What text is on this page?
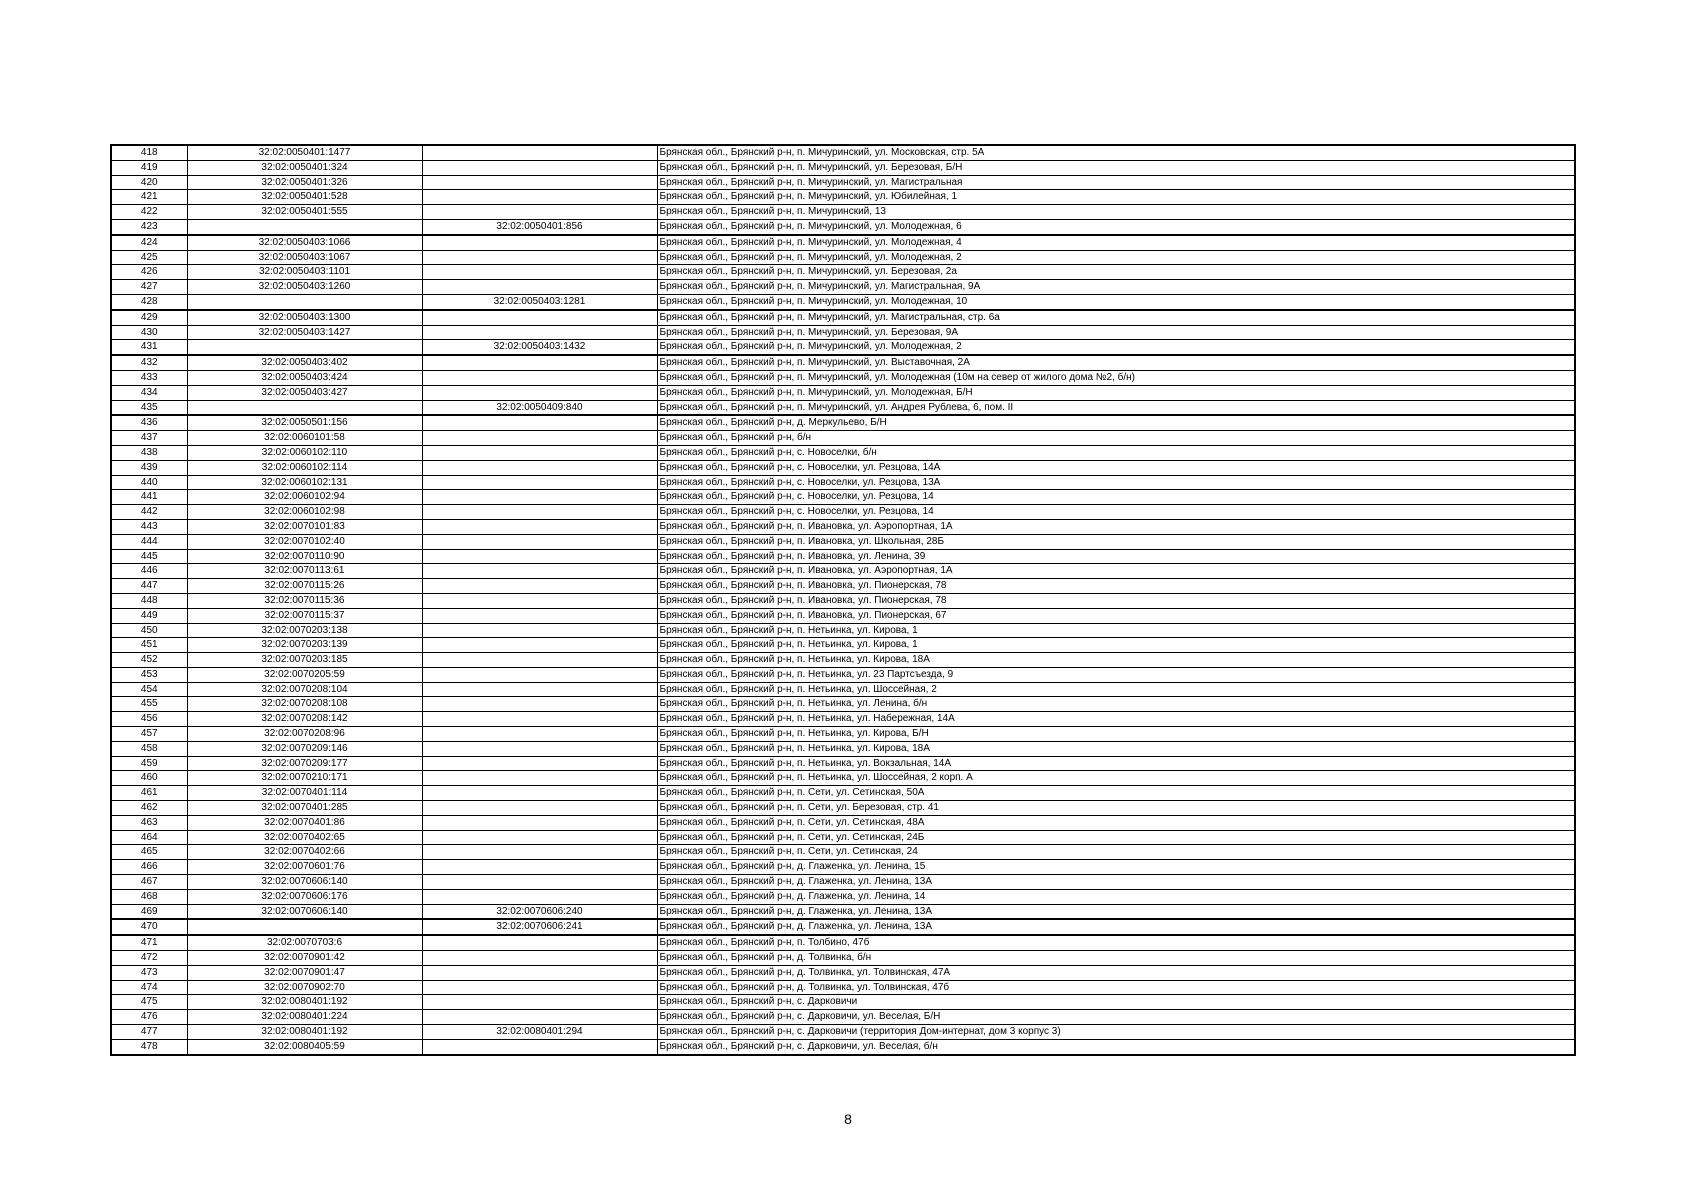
418	32:02:0050401:1477		Брянская обл., Брянский р-н, п. Мичуринский, ул. Московская, стр. 5А
419	32:02:0050401:324		Брянская обл., Брянский р-н, п. Мичуринский, ул. Березовая, Б/Н
420	32:02:0050401:326		Брянская обл., Брянский р-н, п. Мичуринский, ул. Магистральная
421	32:02:0050401:528		Брянская обл., Брянский р-н, п. Мичуринский, ул. Юбилейная, 1
422	32:02:0050401:555		Брянская обл., Брянский р-н, п. Мичуринский, 13
423		32:02:0050401:856	Брянская обл., Брянский р-н, п. Мичуринский, ул. Молодежная, 6
424	32:02:0050403:1066		Брянская обл., Брянский р-н, п. Мичуринский, ул. Молодежная, 4
425	32:02:0050403:1067		Брянская обл., Брянский р-н, п. Мичуринский, ул. Молодежная, 2
426	32:02:0050403:1101		Брянская обл., Брянский р-н, п. Мичуринский, ул. Березовая, 2а
427	32:02:0050403:1260		Брянская обл., Брянский р-н, п. Мичуринский, ул. Магистральная, 9А
428		32:02:0050403:1281	Брянская обл., Брянский р-н, п. Мичуринский, ул. Молодежная, 10
429	32:02:0050403:1300		Брянская обл., Брянский р-н, п. Мичуринский, ул. Магистральная, стр. 6а
430	32:02:0050403:1427		Брянская обл., Брянский р-н, п. Мичуринский, ул. Березовая, 9А
431		32:02:0050403:1432	Брянская обл., Брянский р-н, п. Мичуринский, ул. Молодежная, 2
432	32:02:0050403:402		Брянская обл., Брянский р-н, п. Мичуринский, ул. Выставочная, 2А
433	32:02:0050403:424		Брянская обл., Брянский р-н, п. Мичуринский, ул. Молодежная (10м на север от жилого дома №2, б/н)
434	32:02:0050403:427		Брянская обл., Брянский р-н, п. Мичуринский, ул. Молодежная, Б/Н
435		32:02:0050409:840	Брянская обл., Брянский р-н, п. Мичуринский, ул. Андрея Рублева, 6, пом. II
436	32:02:0050501:156		Брянская обл., Брянский р-н, д. Меркульево, Б/Н
437	32:02:0060101:58		Брянская обл., Брянский р-н, б/н
438	32:02:0060102:110		Брянская обл., Брянский р-н, с. Новоселки, б/н
439	32:02:0060102:114		Брянская обл., Брянский р-н, с. Новоселки, ул. Резцова, 14А
440	32:02:0060102:131		Брянская обл., Брянский р-н, с. Новоселки, ул. Резцова, 13А
441	32:02:0060102:94		Брянская обл., Брянский р-н, с. Новоселки, ул. Резцова, 14
442	32:02:0060102:98		Брянская обл., Брянский р-н, с. Новоселки, ул. Резцова, 14
443	32:02:0070101:83		Брянская обл., Брянский р-н, п. Ивановка, ул. Аэропортная, 1А
444	32:02:0070102:40		Брянская обл., Брянский р-н, п. Ивановка, ул. Школьная, 28Б
445	32:02:0070110:90		Брянская обл., Брянский р-н, п. Ивановка, ул. Ленина, 39
446	32:02:0070113:61		Брянская обл., Брянский р-н, п. Ивановка, ул. Аэропортная, 1А
447	32:02:0070115:26		Брянская обл., Брянский р-н, п. Ивановка, ул. Пионерская, 78
448	32:02:0070115:36		Брянская обл., Брянский р-н, п. Ивановка, ул. Пионерская, 78
449	32:02:0070115:37		Брянская обл., Брянский р-н, п. Ивановка, ул. Пионерская, 67
450	32:02:0070203:138		Брянская обл., Брянский р-н, п. Нетьинка, ул. Кирова, 1
451	32:02:0070203:139		Брянская обл., Брянский р-н, п. Нетьинка, ул. Кирова, 1
452	32:02:0070203:185		Брянская обл., Брянский р-н, п. Нетьинка, ул. Кирова, 18А
453	32:02:0070205:59		Брянская обл., Брянский р-н, п. Нетьинка, ул. 23 Партсъезда, 9
454	32:02:0070208:104		Брянская обл., Брянский р-н, п. Нетьинка, ул. Шоссейная, 2
455	32:02:0070208:108		Брянская обл., Брянский р-н, п. Нетьинка, ул. Ленина, б/н
456	32:02:0070208:142		Брянская обл., Брянский р-н, п. Нетьинка, ул. Набережная, 14А
457	32:02:0070208:96		Брянская обл., Брянский р-н, п. Нетьинка, ул. Кирова, Б/Н
458	32:02:0070209:146		Брянская обл., Брянский р-н, п. Нетьинка, ул. Кирова, 18А
459	32:02:0070209:177		Брянская обл., Брянский р-н, п. Нетьинка, ул. Вокзальная, 14А
460	32:02:0070210:171		Брянская обл., Брянский р-н, п. Нетьинка, ул. Шоссейная, 2 корп. А
461	32:02:0070401:114		Брянская обл., Брянский р-н, п. Сети, ул. Сетинская, 50А
462	32:02:0070401:285		Брянская обл., Брянский р-н, п. Сети, ул. Березовая, стр. 41
463	32:02:0070401:86		Брянская обл., Брянский р-н, п. Сети, ул. Сетинская, 48А
464	32:02:0070402:65		Брянская обл., Брянский р-н, п. Сети, ул. Сетинская, 24Б
465	32:02:0070402:66		Брянская обл., Брянский р-н, п. Сети, ул. Сетинская, 24
466	32:02:0070601:76		Брянская обл., Брянский р-н, д. Глаженка, ул. Ленина, 15
467	32:02:0070606:140		Брянская обл., Брянский р-н, д. Глаженка, ул. Ленина, 13А
468	32:02:0070606:176		Брянская обл., Брянский р-н, д. Глаженка, ул. Ленина, 14
469	32:02:0070606:140	32:02:0070606:240	Брянская обл., Брянский р-н, д. Глаженка, ул. Ленина, 13А
470		32:02:0070606:241	Брянская обл., Брянский р-н, д. Глаженка, ул. Ленина, 13А
471	32:02:0070703:6		Брянская обл., Брянский р-н, п. Толбино, 47б
472	32:02:0070901:42		Брянская обл., Брянский р-н, д. Толвинка, б/н
473	32:02:0070901:47		Брянская обл., Брянский р-н, д. Толвинка, ул. Толвинская, 47А
474	32:02:0070902:70		Брянская обл., Брянский р-н, д. Толвинка, ул. Толвинская, 47б
475	32:02:0080401:192		Брянская обл., Брянский р-н, с. Дарковичи
476	32:02:0080401:224		Брянская обл., Брянский р-н, с. Дарковичи, ул. Веселая, Б/Н
477	32:02:0080401:192	32:02:0080401:294	Брянская обл., Брянский р-н, с. Дарковичи (территория Дом-интернат, дом 3 корпус 3)
478	32:02:0080405:59		Брянская обл., Брянский р-н, с. Дарковичи, ул. Веселая, б/н
8
